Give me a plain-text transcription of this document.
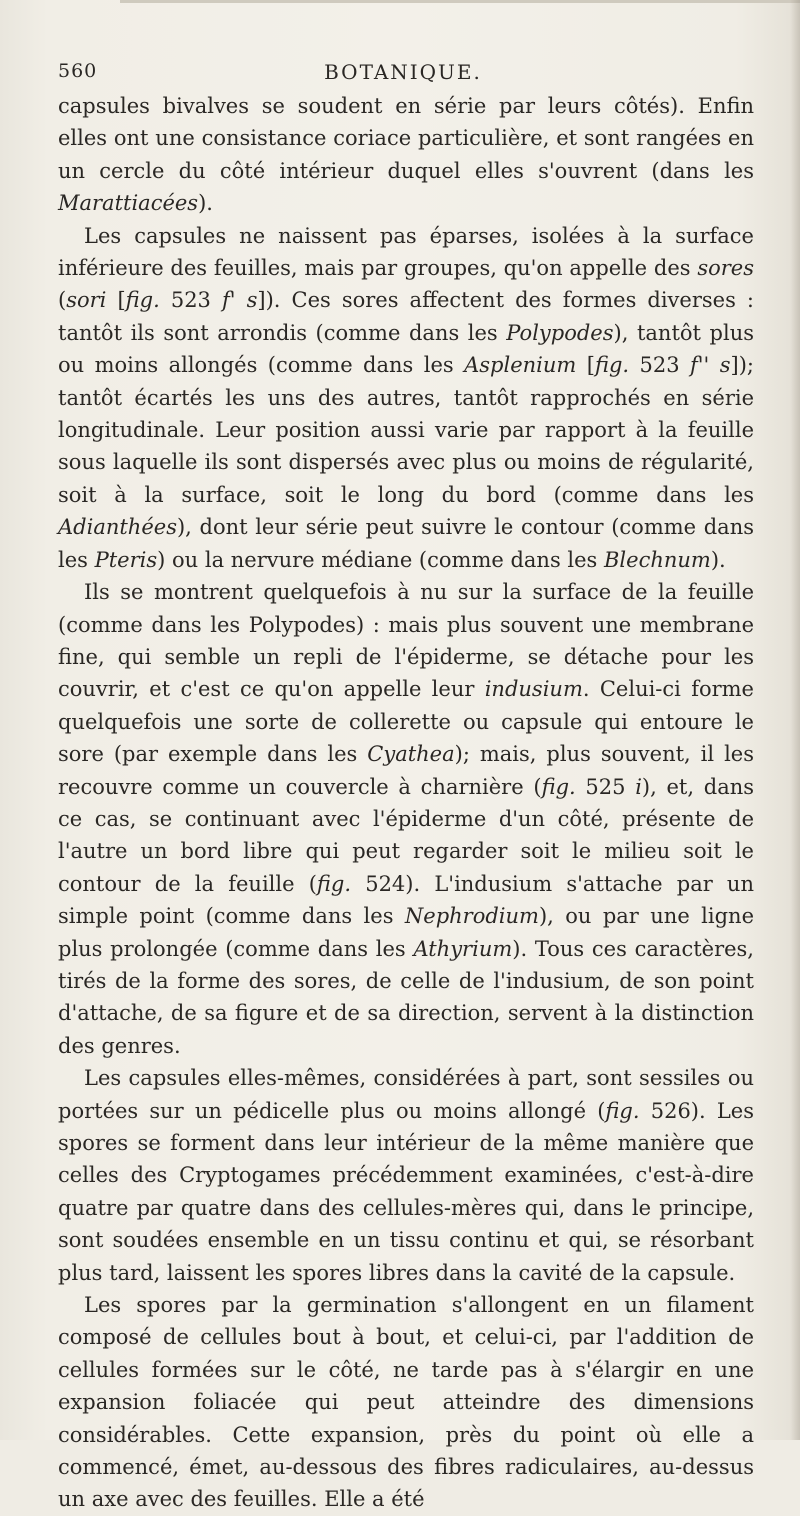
560	BOTANIQUE.

capsules bivalves se soudent en série par leurs côtés). Enfin elles ont une consistance coriace particulière, et sont rangées en un cercle du côté intérieur duquel elles s'ouvrent (dans les Marattiacées).

Les capsules ne naissent pas éparses, isolées à la surface inférieure des feuilles, mais par groupes, qu'on appelle des sores (sori [fig. 523 f' s]). Ces sores affectent des formes diverses : tantôt ils sont arrondis (comme dans les Polypodes), tantôt plus ou moins allongés (comme dans les Asplenium [fig. 523 f'' s]); tantôt écartés les uns des autres, tantôt rapprochés en série longitudinale. Leur position aussi varie par rapport à la feuille sous laquelle ils sont dispersés avec plus ou moins de régularité, soit à la surface, soit le long du bord (comme dans les Adianthées), dont leur série peut suivre le contour (comme dans les Pteris) ou la nervure médiane (comme dans les Blechnum).

Ils se montrent quelquefois à nu sur la surface de la feuille (comme dans les Polypodes) : mais plus souvent une membrane fine, qui semble un repli de l'épiderme, se détache pour les couvrir, et c'est ce qu'on appelle leur indusium. Celui-ci forme quelquefois une sorte de collerette ou capsule qui entoure le sore (par exemple dans les Cyathea); mais, plus souvent, il les recouvre comme un couvercle à charnière (fig. 525 i), et, dans ce cas, se continuant avec l'épiderme d'un côté, présente de l'autre un bord libre qui peut regarder soit le milieu soit le contour de la feuille (fig. 524). L'indusium s'attache par un simple point (comme dans les Nephrodium), ou par une ligne plus prolongée (comme dans les Athyrium). Tous ces caractères, tirés de la forme des sores, de celle de l'indusium, de son point d'attache, de sa figure et de sa direction, servent à la distinction des genres.

Les capsules elles-mêmes, considérées à part, sont sessiles ou portées sur un pédicelle plus ou moins allongé (fig. 526). Les spores se forment dans leur intérieur de la même manière que celles des Cryptogames précédemment examinées, c'est-à-dire quatre par quatre dans des cellules-mères qui, dans le principe, sont soudées ensemble en un tissu continu et qui, se résorbant plus tard, laissent les spores libres dans la cavité de la capsule.

Les spores par la germination s'allongent en un filament composé de cellules bout à bout, et celui-ci, par l'addition de cellules formées sur le côté, ne tarde pas à s'élargir en une expansion foliacée qui peut atteindre des dimensions considérables. Cette expansion, près du point où elle a commencé, émet, au-dessous des fibres radiculaires, au-dessus un axe avec des feuilles. Elle a été
